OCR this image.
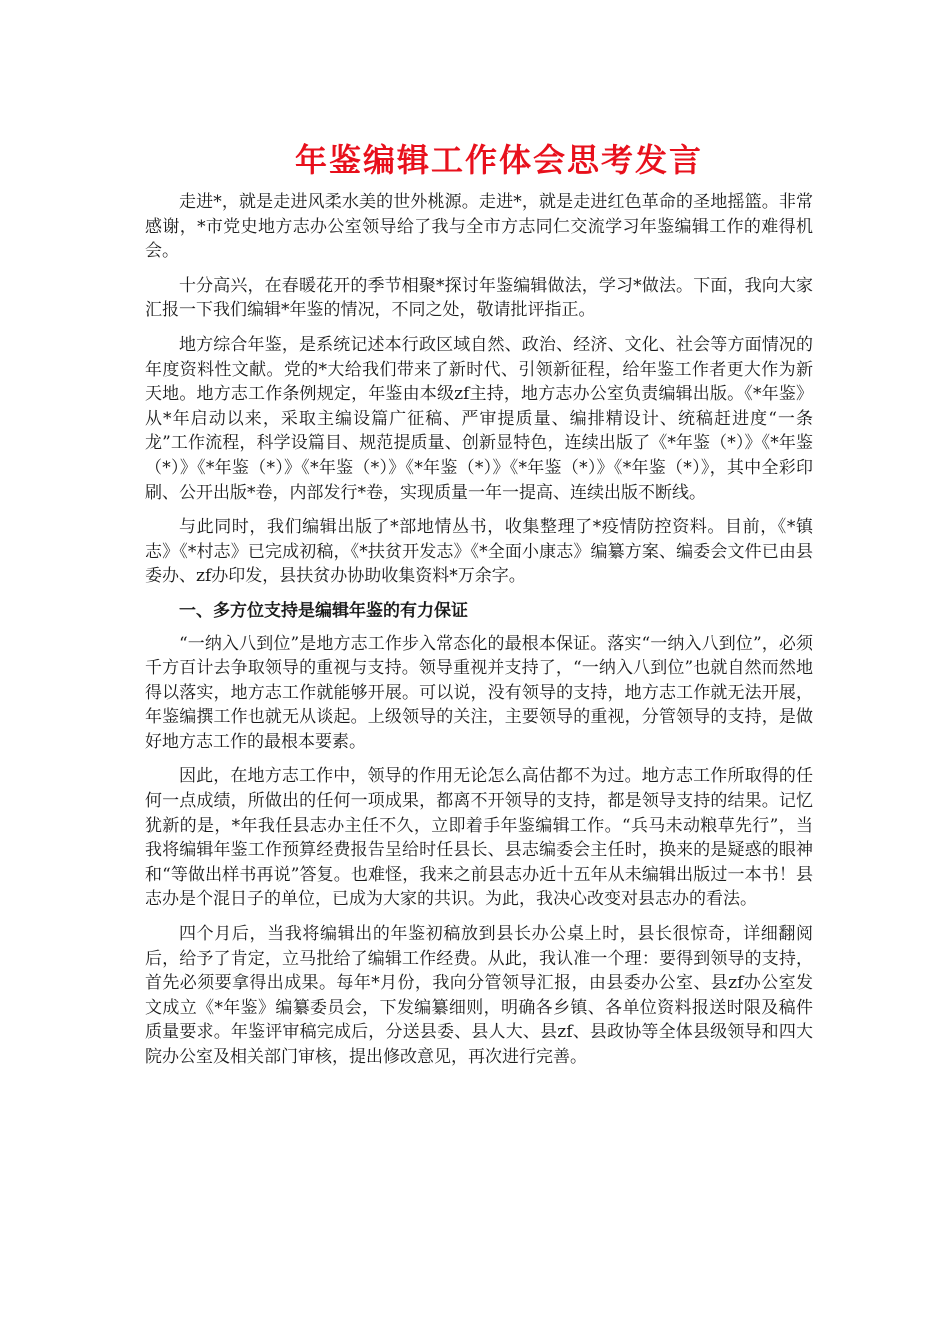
年鉴编辑工作体会思考发言

走进*，就是走进风柔水美的世外桃源。走进*，就是走进红色革命的圣地摇篮。非常感谢，*市党史地方志办公室领导给了我与全市方志同仁交流学习年鉴编辑工作的难得机会。

十分高兴，在春暖花开的季节相聚*探讨年鉴编辑做法，学习*做法。下面，我向大家汇报一下我们编辑*年鉴的情况，不同之处，敬请批评指正。

地方综合年鉴，是系统记述本行政区域自然、政治、经济、文化、社会等方面情况的年度资料性文献。党的*大给我们带来了新时代、引领新征程，给年鉴工作者更大作为新天地。地方志工作条例规定，年鉴由本级zf主持，地方志办公室负责编辑出版。《*年鉴》从*年启动以来，采取主编设篇广征稿、严审提质量、编排精设计、统稿赶进度“一条龙”工作流程，科学设篇目、规范提质量、创新显特色，连续出版了《*年鉴（*）》《*年鉴（*）》《*年鉴（*）》《*年鉴（*）》《*年鉴（*）》《*年鉴（*）》《*年鉴（*）》，其中全彩印刷、公开出版*卷，内部发行*卷，实现质量一年一提高、连续出版不断线。

与此同时，我们编辑出版了*部地情丛书，收集整理了*疫情防控资料。目前，《*镇志》《*村志》已完成初稿，《*扶贫开发志》《*全面小康志》编纂方案、编委会文件已由县委办、zf办印发，县扶贫办协助收集资料*万余字。

一、多方位支持是编辑年鉴的有力保证

“一纳入八到位”是地方志工作步入常态化的最根本保证。落实“一纳入八到位”，必须千方百计去争取领导的重视与支持。领导重视并支持了，“一纳入八到位”也就自然而然地得以落实，地方志工作就能够开展。可以说，没有领导的支持，地方志工作就无法开展，年鉴编撰工作也就无从谈起。上级领导的关注，主要领导的重视，分管领导的支持，是做好地方志工作的最根本要素。

因此，在地方志工作中，领导的作用无论怎么高估都不为过。地方志工作所取得的任何一点成绩，所做出的任何一项成果，都离不开领导的支持，都是领导支持的结果。记忆犹新的是，*年我任县志办主任不久，立即着手年鉴编辑工作。“兵马未动粮草先行”，当我将编辑年鉴工作预算经费报告呈给时任县长、县志编委会主任时，换来的是疑惑的眼神和“等做出样书再说”答复。也难怪，我来之前县志办近十五年从未编辑出版过一本书！县志办是个混日子的单位，已成为大家的共识。为此，我决心改变对县志办的看法。

四个月后，当我将编辑出的年鉴初稿放到县长办公桌上时，县长很惊奇，详细翻阅后，给予了肯定，立马批给了编辑工作经费。从此，我认准一个理：要得到领导的支持，首先必须要拿得出成果。每年*月份，我向分管领导汇报，由县委办公室、县zf办公室发文成立《*年鉴》编纂委员会，下发编纂细则，明确各乡镇、各单位资料报送时限及稿件质量要求。年鉴评审稿完成后，分送县委、县人大、县zf、县政协等全体县级领导和四大院办公室及相关部门审核，提出修改意见，再次进行完善。
